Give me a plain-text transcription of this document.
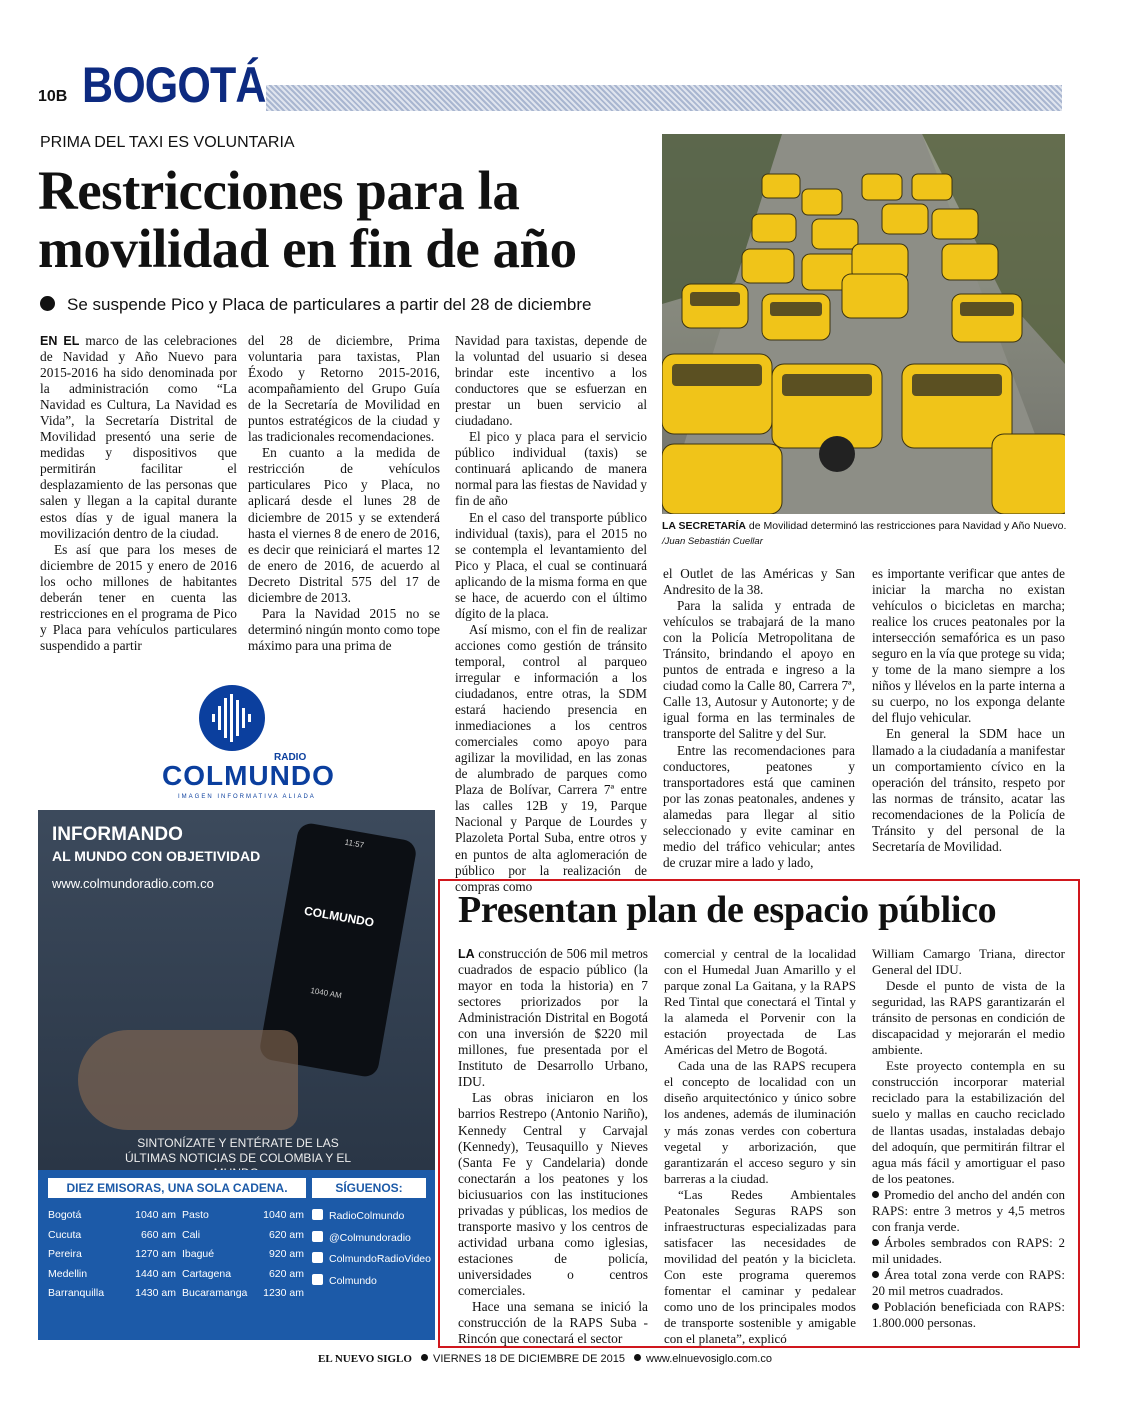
10B BOGOTÁ
PRIMA DEL TAXI ES VOLUNTARIA
Restricciones para la movilidad en fin de año
Se suspende Pico y Placa de particulares a partir del 28 de diciembre

EN EL marco de las celebraciones de Navidad y Año Nuevo para 2015-2016 ha sido denominada por la administración como “La Navidad es Cultura, La Navidad es Vida”, la Secretaría Distrital de Movilidad presentó una serie de medidas y dispositivos que permitirán facilitar el desplazamiento de las personas que salen y llegan a la capital durante estos días y de igual manera la movilización dentro de la ciudad.

Es así que para los meses de diciembre de 2015 y enero de 2016 los ocho millones de habitantes deberán tener en cuenta las restricciones en el programa de Pico y Placa para vehículos particulares suspendido a partir

del 28 de diciembre, Prima voluntaria para taxistas, Plan Éxodo y Retorno 2015-2016, acompañamiento del Grupo Guía de la Secretaría de Movilidad en puntos estratégicos de la ciudad y las tradicionales recomendaciones.

En cuanto a la medida de restricción de vehículos particulares Pico y Placa, no aplicará desde el lunes 28 de diciembre de 2015 y se extenderá hasta el viernes 8 de enero de 2016, es decir que reiniciará el martes 12 de enero de 2016, de acuerdo al Decreto Distrital 575 del 17 de diciembre de 2013.

Para la Navidad 2015 no se determinó ningún monto como tope máximo para una prima de

Navidad para taxistas, depende de la voluntad del usuario si desea brindar este incentivo a los conductores que se esfuerzan en prestar un buen servicio al ciudadano.

El pico y placa para el servicio público individual (taxis) se continuará aplicando de manera normal para las fiestas de Navidad y fin de año

En el caso del transporte público individual (taxis), para el 2015 no se contempla el levantamiento del Pico y Placa, el cual se continuará aplicando de la misma forma en que se hace, de acuerdo con el último dígito de la placa.

Así mismo, con el fin de realizar acciones como gestión de tránsito temporal, control al parqueo irregular e información a los ciudadanos, entre otras, la SDM estará haciendo presencia en inmediaciones a los centros comerciales como apoyo para agilizar la movilidad, en las zonas de alumbrado de parques como Plaza de Bolívar, Carrera 7ª entre las calles 12B y 19, Parque Nacional y Parque de Lourdes y Plazoleta Portal Suba, entre otros y en puntos de alta aglomeración de público por la realización de compras como

el Outlet de las Américas y San Andresito de la 38.

Para la salida y entrada de vehículos se trabajará de la mano con la Policía Metropolitana de Tránsito, brindando el apoyo en puntos de entrada e ingreso a la ciudad como la Calle 80, Carrera 7ª, Calle 13, Autosur y Autonorte; y de igual forma en las terminales de transporte del Salitre y del Sur.

Entre las recomendaciones para conductores, peatones y transportadores está que caminen por las zonas peatonales, andenes y alamedas para llegar al sitio seleccionado y evite caminar en medio del tráfico vehicular; antes de cruzar mire a lado y lado,

es importante verificar que antes de iniciar la marcha no existan vehículos o bicicletas en marcha; realice los cruces peatonales por la intersección semafórica es un paso seguro en la vía que protege su vida; y tome de la mano siempre a los niños y llévelos en la parte interna a su cuerpo, no los exponga delante del flujo vehicular.

En general la SDM hace un llamado a la ciudadanía a manifestar un comportamiento cívico en la operación del tránsito, respeto por las normas de tránsito, acatar las recomendaciones de la Policía de Tránsito y del personal de la Secretaría de Movilidad.

LA SECRETARÍA de Movilidad determinó las restricciones para Navidad y Año Nuevo. /Juan Sebastián Cuellar
RADIO
COLMUNDO
IMAGEN INFORMATIVA ALIADA
INFORMANDO
AL MUNDO CON OBJETIVIDAD
www.colmundoradio.com.co
11:57
COLMUNDO
1040 AM
SINTONÍZATE Y ENTÉRATE DE LAS ÚLTIMAS NOTICIAS DE COLOMBIA Y EL
DIEZ EMISORAS, UNA SOLA CADENA.	SÍGUENOS:
Bogotá	1040 am Pasto	1040 am
Cucuta	660 am Cali	620 am
Pereira	1270 am Ibagué	920 am
Medellin	1440 am Cartagena	620 am
Barranquilla	1430 am Bucaramanga	1230 am
RadioColmundo
@Colmundoradio
ColmundoRadioVideo
Colmundo
Presentan plan de espacio público

LA construcción de 506 mil metros cuadrados de espacio público (la mayor en toda la historia) en 7 sectores priorizados por la Administración Distrital en Bogotá con una inversión de $220 mil millones, fue presentada por el Instituto de Desarrollo Urbano, IDU.

Las obras iniciaron en los barrios Restrepo (Antonio Nariño), Kennedy Central y Carvajal (Kennedy), Teusaquillo y Nieves (Santa Fe y Candelaria) donde conectarán a los peatones y los biciusuarios con las instituciones privadas y públicas, los medios de transporte masivo y los centros de actividad urbana como iglesias, estaciones de policía, universidades o centros comerciales.

Hace una semana se inició la construcción de la RAPS Suba - Rincón que conectará el sector

comercial y central de la localidad con el Humedal Juan Amarillo y el parque zonal La Gaitana, y la RAPS Red Tintal que conectará el Tintal y la alameda el Porvenir con la estación proyectada de Las Américas del Metro de Bogotá.

Cada una de las RAPS recupera el concepto de localidad con un diseño arquitectónico y único sobre los andenes, además de iluminación y más zonas verdes con cobertura vegetal y arborización, que garantizarán el acceso seguro y sin barreras a la ciudad.

“Las Redes Ambientales Peatonales Seguras RAPS son infraestructuras especializadas para satisfacer las necesidades de movilidad del peatón y la bicicleta. Con este programa queremos fomentar el caminar y pedalear como uno de los principales modos de transporte sostenible y amigable con el planeta”, explicó

William Camargo Triana, director General del IDU.

Desde el punto de vista de la seguridad, las RAPS garantizarán el tránsito de personas en condición de discapacidad y mejorarán el medio ambiente.

Este proyecto contempla en su construcción incorporar material reciclado para la estabilización del suelo y mallas en caucho reciclado de llantas usadas, instaladas debajo del adoquín, que permitirán filtrar el agua más fácil y amortiguar el paso de los peatones.

Promedio del ancho del andén con RAPS: entre 3 metros y 4,5 metros con franja verde.

Árboles sembrados con RAPS: 2 mil unidades.

Área total zona verde con RAPS: 20 mil metros cuadrados.

Población beneficiada con RAPS: 1.800.000 personas.

EL NUEVO SIGLO VIERNES 18 DE DICIEMBRE DE 2015 www.elnuevosiglo.com.co
